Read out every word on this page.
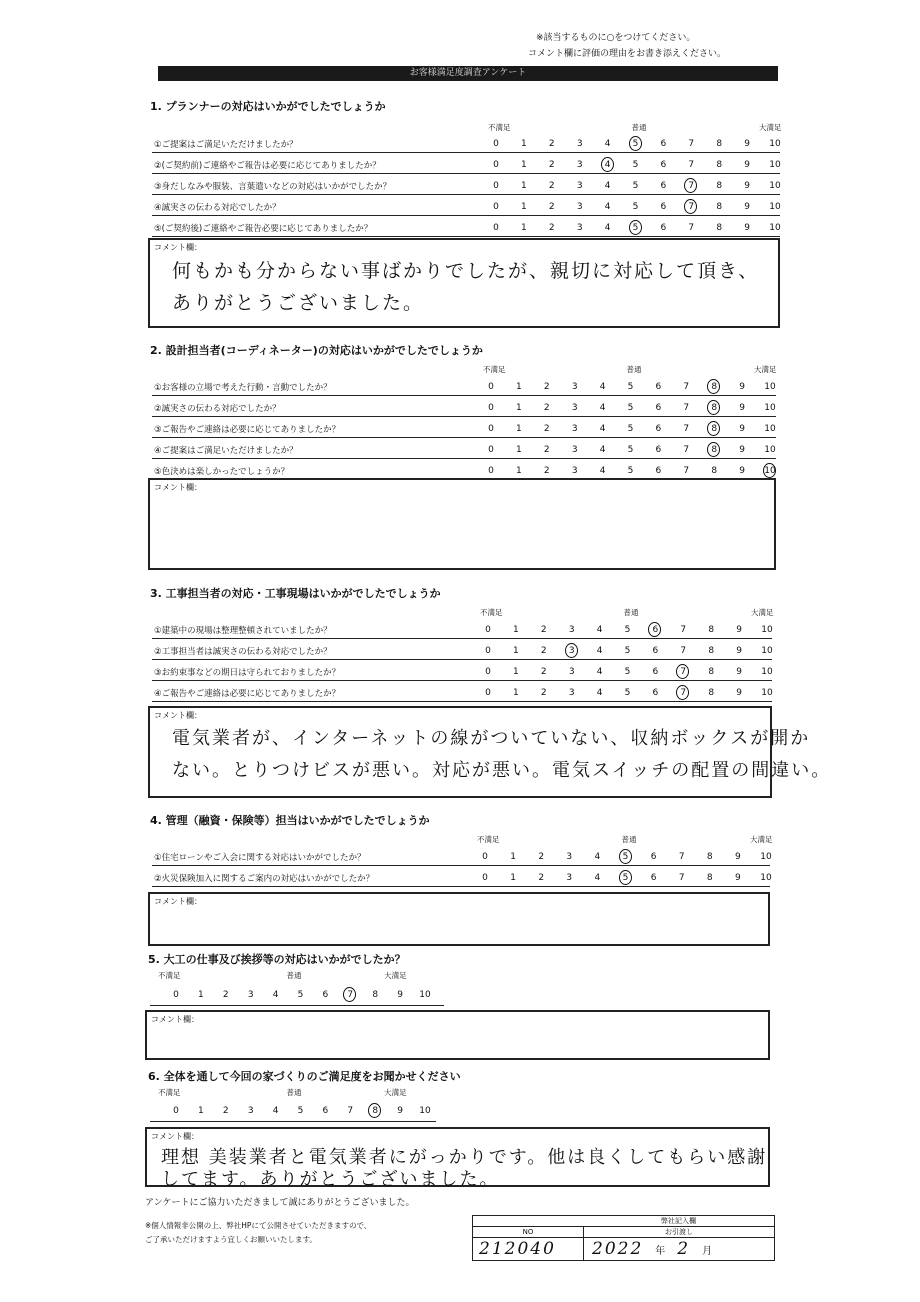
※該当するものに○をつけてください。
コメント欄に評価の理由をお書き添えください。
お客様満足度調査アンケート
1. プランナーの対応はいかがでしたでしょうか
不満足	普通	大満足
①ご提案はご満足いただけましたか？	0	1	2	3	4	5	6	7	8	9	10
②(ご契約前)ご連絡やご報告は必要に応じてありましたか？	0	1	2	3	4	5	6	7	8	9	10
③身だしなみや服装、言葉遣いなどの対応はいかがでしたか？	0	1	2	3	4	5	6	7	8	9	10
④誠実さの伝わる対応でしたか？	0	1	2	3	4	5	6	7	8	9	10
⑤(ご契約後)ご連絡やご報告必要に応じてありましたか？	0	1	2	3	4	5	6	7	8	9	10
コメント欄：
何もかも分からない事ばかりでしたが、親切に対応して頂き、
ありがとうございました。
2. 設計担当者(コーディネーター)の対応はいかがでしたでしょうか
不満足	普通	大満足
①お客様の立場で考えた行動・言動でしたか？	0	1	2	3	4	5	6	7	8	9	10
②誠実さの伝わる対応でしたか？	0	1	2	3	4	5	6	7	8	9	10
③ご報告やご連絡は必要に応じてありましたか？	0	1	2	3	4	5	6	7	8	9	10
④ご提案はご満足いただけましたか？	0	1	2	3	4	5	6	7	8	9	10
⑤色決めは楽しかったでしょうか？	0	1	2	3	4	5	6	7	8	9	10
コメント欄：
3. 工事担当者の対応・工事現場はいかがでしたでしょうか
不満足	普通	大満足
①建築中の現場は整理整頓されていましたか？	0	1	2	3	4	5	6	7	8	9	10
②工事担当者は誠実さの伝わる対応でしたか？	0	1	2	3	4	5	6	7	8	9	10
③お約束事などの期日は守られておりましたか？	0	1	2	3	4	5	6	7	8	9	10
④ご報告やご連絡は必要に応じてありましたか？	0	1	2	3	4	5	6	7	8	9	10
コメント欄：
電気業者が、インターネットの線がついていない、収納ボックスが開か
ない。とりつけビスが悪い。対応が悪い。電気スイッチの配置の間違い。
4. 管理（融資・保険等）担当はいかがでしたでしょうか
不満足	普通	大満足
①住宅ローンやご入会に関する対応はいかがでしたか？	0	1	2	3	4	5	6	7	8	9	10
②火災保険加入に関するご案内の対応はいかがでしたか？	0	1	2	3	4	5	6	7	8	9	10
コメント欄：
5. 大工の仕事及び挨拶等の対応はいかがでしたか？
不満足	普通	大満足
0	1	2	3	4	5	6	7	8	9	10
コメント欄：
6. 全体を通して今回の家づくりのご満足度をお聞かせください
不満足	普通	大満足
0	1	2	3	4	5	6	7	8	9	10
コメント欄：
理想 美装業者と電気業者にがっかりです。他は良くしてもらい感謝
してます。ありがとうございました。
アンケートにご協力いただきまして誠にありがとうございました。
※個人情報非公開の上、弊社HPにて公開させていただきますので、
ご了承いただけますよう宜しくお願いいたします。
弊社記入欄
NO	お引渡し
212040	2022 年 2 月
